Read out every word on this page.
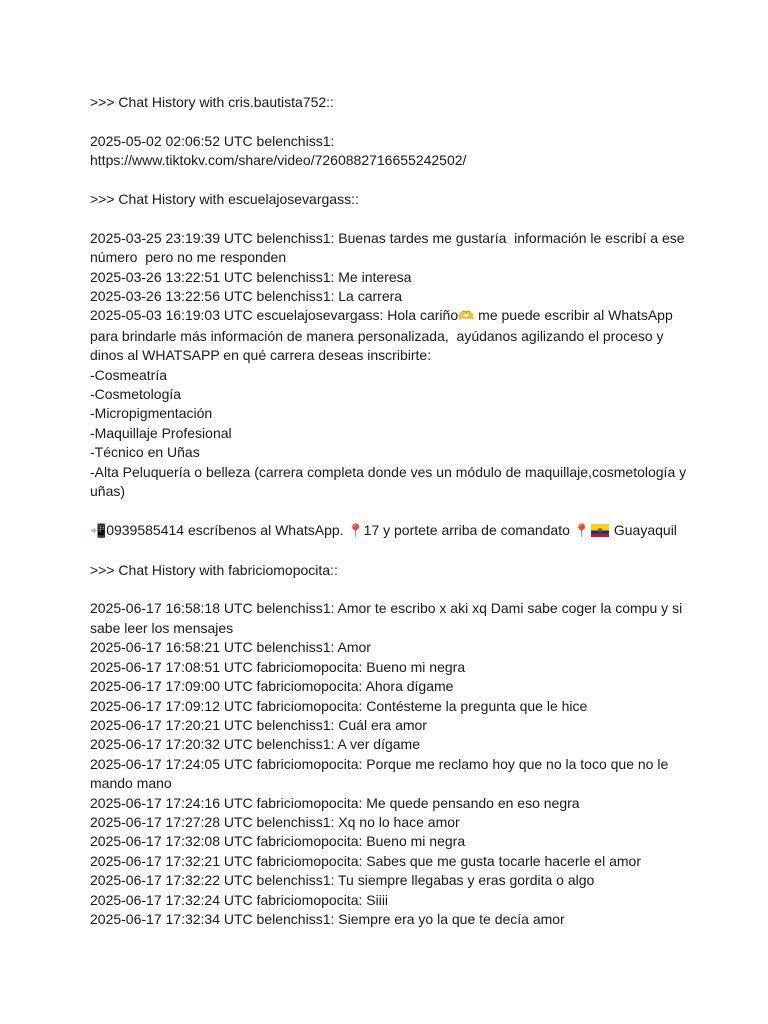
>>> Chat History with cris.bautista752::
2025-05-02 02:06:52 UTC belenchiss1:
https://www.tiktokv.com/share/video/7260882716655242502/
>>> Chat History with escuelajosevargass::
2025-03-25 23:19:39 UTC belenchiss1: Buenas tardes me gustaría  información le escribí a ese número  pero no me responden
2025-03-26 13:22:51 UTC belenchiss1: Me interesa
2025-03-26 13:22:56 UTC belenchiss1: La carrera
2025-05-03 16:19:03 UTC escuelajosevargass: Hola cariño🫶 me puede escribir al WhatsApp para brindarle más información de manera personalizada,  ayúdanos agilizando el proceso y dinos al WHATSAPP en qué carrera deseas inscribirte:
-Cosmeatría
-Cosmetología
-Micropigmentación
-Maquillaje Profesional
-Técnico en Uñas
-Alta Peluquería o belleza (carrera completa donde ves un módulo de maquillaje,cosmetología y uñas)
📲0939585414 escríbenos al WhatsApp. 📍17 y portete arriba de comandato 📍 Guayaquil
>>> Chat History with fabriciomopocita::
2025-06-17 16:58:18 UTC belenchiss1: Amor te escribo x aki xq Dami sabe coger la compu y si sabe leer los mensajes
2025-06-17 16:58:21 UTC belenchiss1: Amor
2025-06-17 17:08:51 UTC fabriciomopocita: Bueno mi negra
2025-06-17 17:09:00 UTC fabriciomopocita: Ahora dígame
2025-06-17 17:09:12 UTC fabriciomopocita: Contésteme la pregunta que le hice
2025-06-17 17:20:21 UTC belenchiss1: Cuál era amor
2025-06-17 17:20:32 UTC belenchiss1: A ver dígame
2025-06-17 17:24:05 UTC fabriciomopocita: Porque me reclamo hoy que no la toco que no le mando mano
2025-06-17 17:24:16 UTC fabriciomopocita: Me quede pensando en eso negra
2025-06-17 17:27:28 UTC belenchiss1: Xq no lo hace amor
2025-06-17 17:32:08 UTC fabriciomopocita: Bueno mi negra
2025-06-17 17:32:21 UTC fabriciomopocita: Sabes que me gusta tocarle hacerle el amor
2025-06-17 17:32:22 UTC belenchiss1: Tu siempre llegabas y eras gordita o algo
2025-06-17 17:32:24 UTC fabriciomopocita: Siiii
2025-06-17 17:32:34 UTC belenchiss1: Siempre era yo la que te decía amor
